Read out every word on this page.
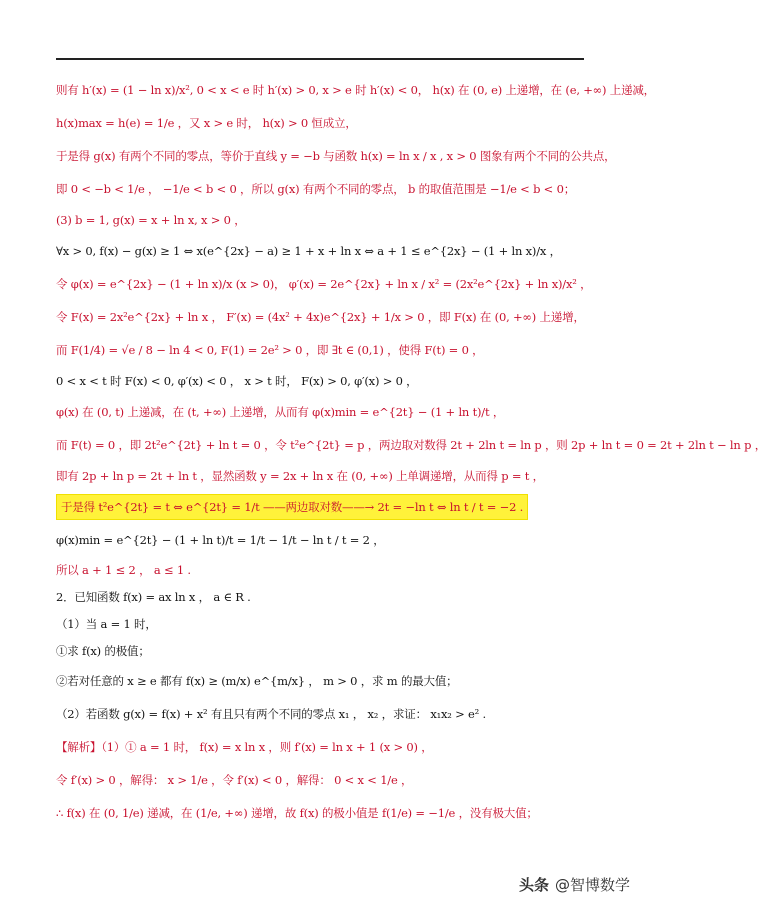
则有 h′(x) = (1 − ln x)/x², 0 < x < e 时 h′(x) > 0, x > e 时 h′(x) < 0， h(x) 在 (0, e) 上递增，在 (e, +∞) 上递减，
h(x)max = h(e) = 1/e ，又 x > e 时， h(x) > 0 恒成立，
于是得 g(x) 有两个不同的零点，等价于直线 y = −b 与函数 h(x) = ln x / x , x > 0 图象有两个不同的公共点，
即 0 < −b < 1/e ， −1/e < b < 0 ，所以 g(x) 有两个不同的零点， b 的取值范围是 −1/e < b < 0；
(3) b = 1, g(x) = x + ln x, x > 0 ，
∀x > 0, f(x) − g(x) ≥ 1 ⇔ x(e^{2x} − a) ≥ 1 + x + ln x ⇔ a + 1 ≤ e^{2x} − (1 + ln x)/x ，
令 φ(x) = e^{2x} − (1 + ln x)/x (x > 0)， φ′(x) = 2e^{2x} + ln x / x² = (2x²e^{2x} + ln x)/x² ，
令 F(x) = 2x²e^{2x} + ln x ， F′(x) = (4x² + 4x)e^{2x} + 1/x > 0 ，即 F(x) 在 (0, +∞) 上递增，
而 F(1/4) = √e / 8 − ln 4 < 0, F(1) = 2e² > 0 ，即 ∃t ∈ (0,1) ，使得 F(t) = 0 ，
0 < x < t 时 F(x) < 0, φ′(x) < 0 ， x > t 时， F(x) > 0, φ′(x) > 0 ，
φ(x) 在 (0, t) 上递减，在 (t, +∞) 上递增，从而有 φ(x)min = e^{2t} − (1 + ln t)/t ，
而 F(t) = 0 ，即 2t²e^{2t} + ln t = 0 ，令 t²e^{2t} = p ，两边取对数得 2t + 2ln t = ln p ，则 2p + ln t = 0 = 2t + 2ln t − ln p ，
即有 2p + ln p = 2t + ln t ，显然函数 y = 2x + ln x 在 (0, +∞) 上单调递增，从而得 p = t ，
于是得 t²e^{2t} = t ⇔ e^{2t} = 1/t ——两边取对数——→ 2t = −ln t ⇔ ln t / t = −2 .
φ(x)min = e^{2t} − (1 + ln t)/t = 1/t − 1/t − ln t / t = 2 ，
所以 a + 1 ≤ 2 ， a ≤ 1 .
2．已知函数 f(x) = ax ln x ， a ∈ R .
（1）当 a = 1 时，
①求 f(x) 的极值；
②若对任意的 x ≥ e 都有 f(x) ≥ (m/x) e^{m/x} ， m > 0 ，求 m 的最大值；
（2）若函数 g(x) = f(x) + x² 有且只有两个不同的零点 x₁ ， x₂ ，求证： x₁x₂ > e² .
【解析】（1）① a = 1 时， f(x) = x ln x ，则 f′(x) = ln x + 1 (x > 0) ，
令 f′(x) > 0 ，解得： x > 1/e ，令 f′(x) < 0 ，解得： 0 < x < 1/e ，
∴ f(x) 在 (0, 1/e) 递减，在 (1/e, +∞) 递增，故 f(x) 的极小值是 f(1/e) = −1/e ，没有极大值；
头条 @智博数学
